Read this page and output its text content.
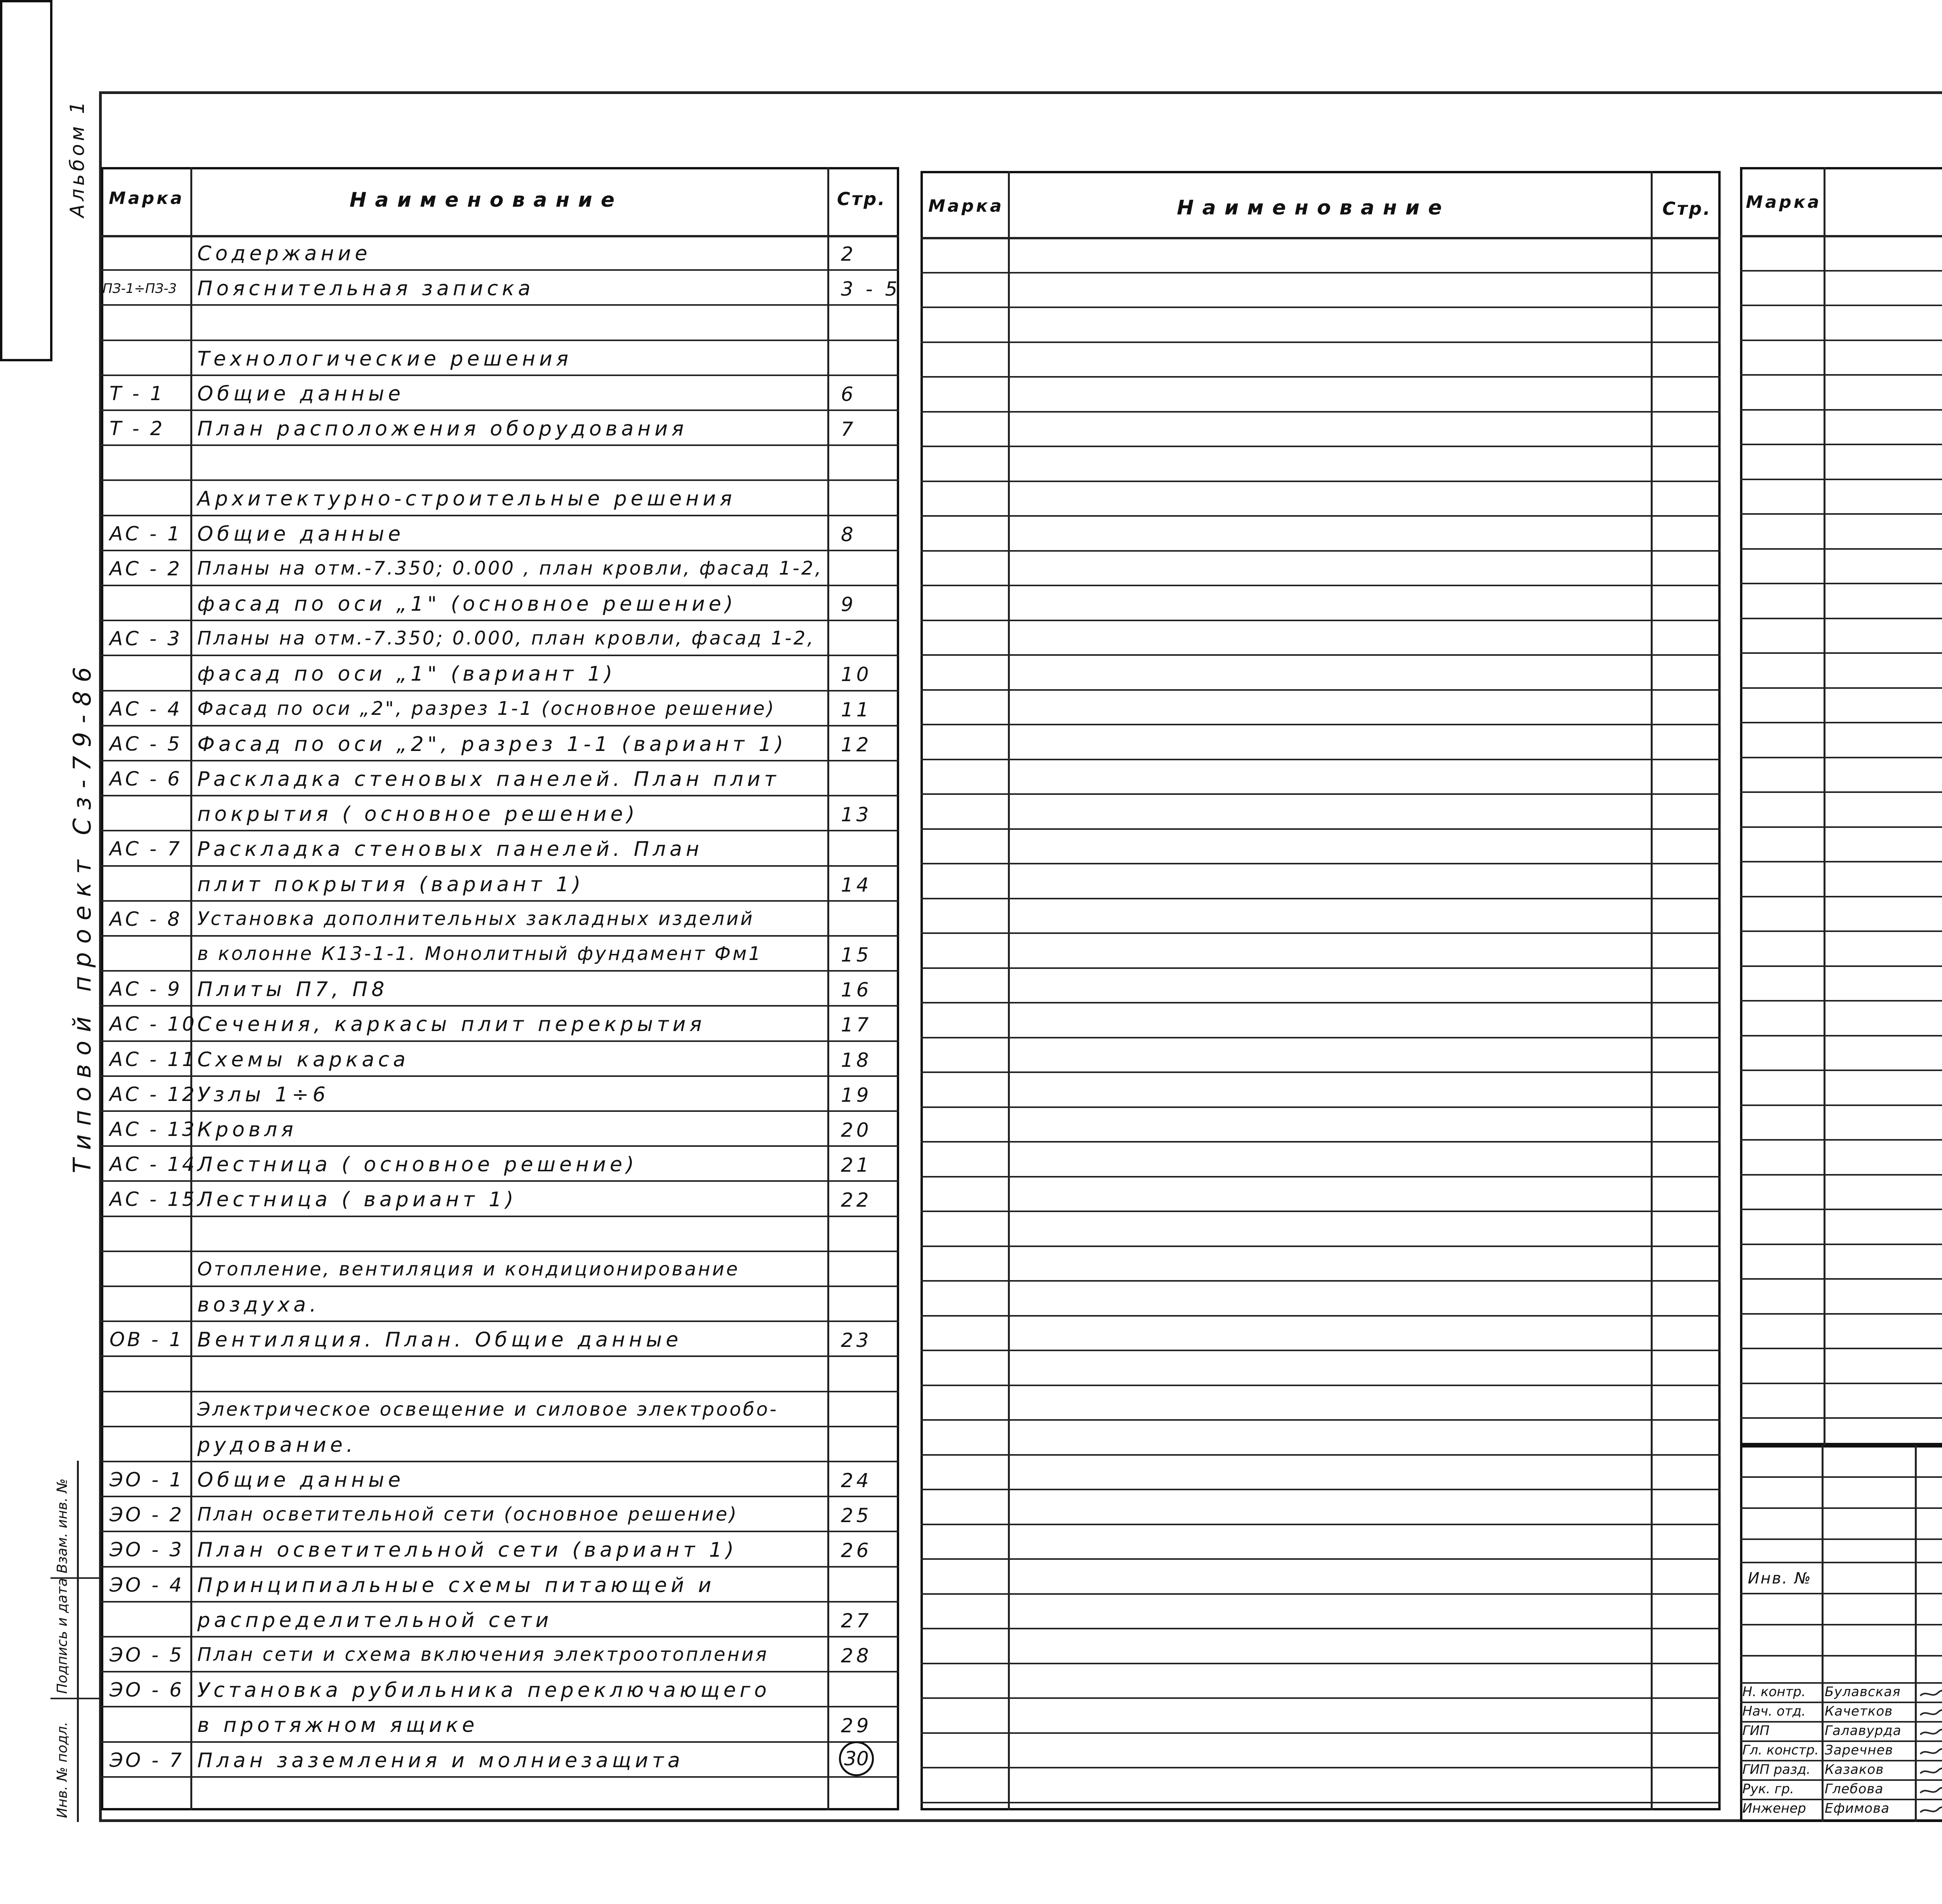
Альбом 1
Типовой проект Сз-79-86
Взам. инв. №
Подпись и дата
Инв. № подл.
Марка	Наименование	Стр.
Содержание	2
ПЗ-1÷ПЗ-3 Пояснительная записка	3 - 5
Технологические решения
Т - 1 Общие данные	6
Т - 2 План расположения оборудования	7
Архитектурно-строительные решения
АС - 1 Общие данные	8
АС - 2 Планы на отм.-7.350; 0.000 , план кровли, фасад 1-2,
фасад по оси „1" (основное решение)	9
АС - 3 Планы на отм.-7.350; 0.000, план кровли, фасад 1-2,
фасад по оси „1" (вариант 1)	10
АС - 4 Фасад по оси „2", разрез 1-1 (основное решение)	11
АС - 5 Фасад по оси „2", разрез 1-1 (вариант 1)	12
АС - 6 Раскладка стеновых панелей. План плит
покрытия ( основное решение)	13
АС - 7 Раскладка стеновых панелей. План
плит покрытия (вариант 1)	14
АС - 8 Установка дополнительных закладных изделий
в колонне К13-1-1. Монолитный фундамент Фм1	15
АС - 9 Плиты П7, П8	16
АС - 10 Сечения, каркасы плит перекрытия	17
АС - 11 Схемы каркаса	18
АС - 12 Узлы 1÷6	19
АС - 13 Кровля	20
АС - 14 Лестница ( основное решение)	21
АС - 15 Лестница ( вариант 1)	22
Отопление, вентиляция и кондиционирование
воздуха.
ОВ - 1 Вентиляция. План. Общие данные	23
Электрическое освещение и силовое электрообо-
рудование.
ЭО - 1 Общие данные	24
ЭО - 2 План осветительной сети (основное решение)	25
ЭО - 3 План осветительной сети (вариант 1)	26
ЭО - 4 Принципиальные схемы питающей и
распределительной сети	27
ЭО - 5 План сети и схема включения электроотопления	28
ЭО - 6 Установка рубильника переключающего
в протяжном ящике	29
ЭО - 7 План заземления и молниезащита	30
Марка	Наименование	Стр. Марка
Инв. №
Н. контр. Булавская
Нач. отд. Качетков
ГИП	Галавурда
Гл. констр. Заречнев
ГИП разд. Казаков
Рук. гр. Глебова
Инженер Ефимова
